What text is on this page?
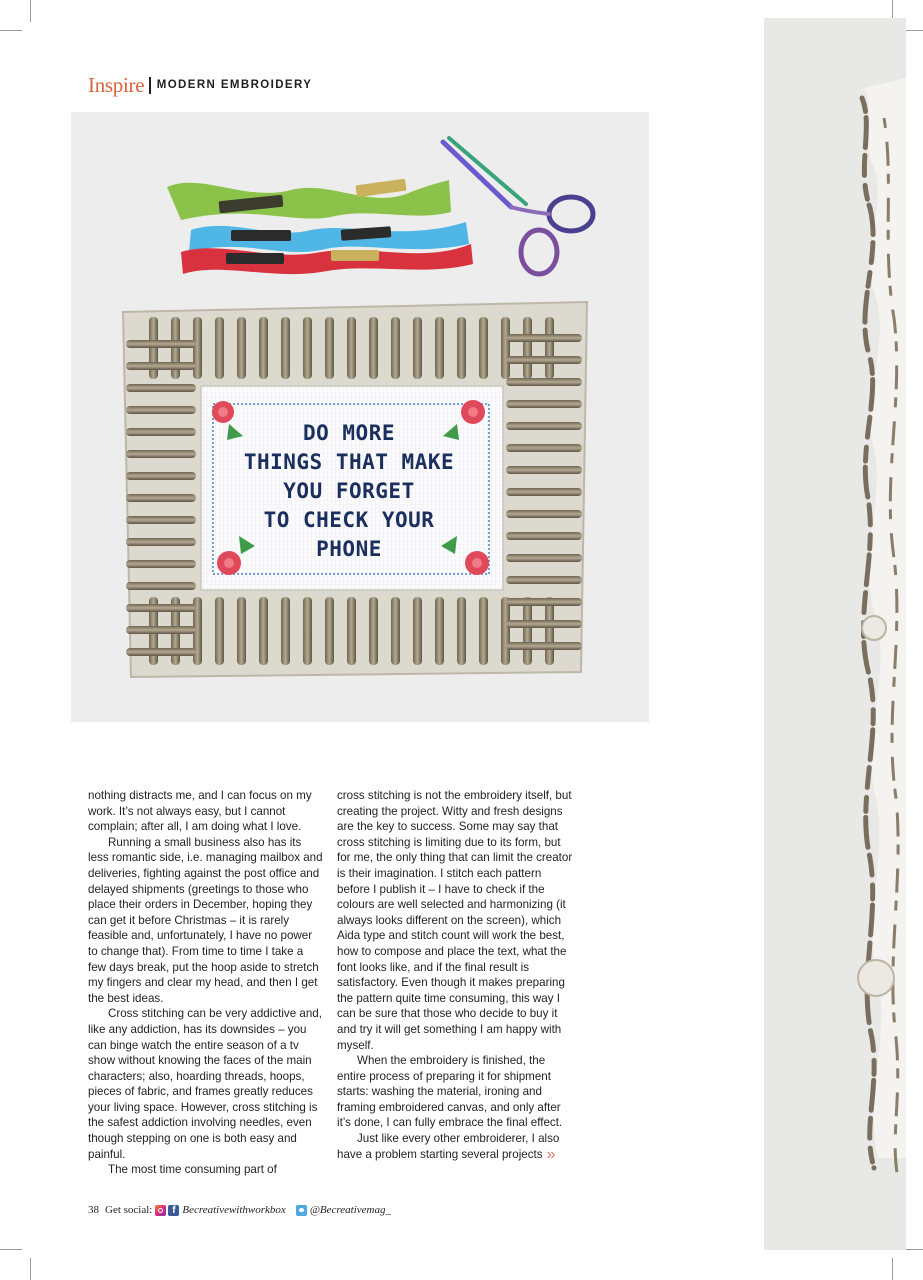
Inspire MODERN EMBROIDERY
DO MORE
THINGS THAT MAKE
YOU FORGET
TO CHECK YOUR
PHONE

nothing distracts me, and I can focus on my work. It’s not always easy, but I cannot complain; after all, I am doing what I love.

Running a small business also has its less romantic side, i.e. managing mailbox and deliveries, fighting against the post office and delayed shipments (greetings to those who place their orders in December, hoping they can get it before Christmas – it is rarely feasible and, unfortunately, I have no power to change that). From time to time I take a few days break, put the hoop aside to stretch my fingers and clear my head, and then I get the best ideas.

Cross stitching can be very addictive and, like any addiction, has its downsides – you can binge watch the entire season of a tv show without knowing the faces of the main characters; also, hoarding threads, hoops, pieces of fabric, and frames greatly reduces your living space. However, cross stitching is the safest addiction involving needles, even though stepping on one is both easy and painful.

The most time consuming part of

cross stitching is not the embroidery itself, but creating the project. Witty and fresh designs are the key to success. Some may say that cross stitching is limiting due to its form, but for me, the only thing that can limit the creator is their imagination. I stitch each pattern before I publish it – I have to check if the colours are well selected and harmonizing (it always looks different on the screen), which Aida type and stitch count will work the best, how to compose and place the text, what the font looks like, and if the final result is satisfactory. Even though it makes preparing the pattern quite time consuming, this way I can be sure that those who decide to buy it and try it will get something I am happy with myself.

When the embroidery is finished, the entire process of preparing it for shipment starts: washing the material, ironing and framing embroidered canvas, and only after it’s done, I can fully embrace the final effect.

Just like every other embroiderer, I also have a problem starting several projects »

38 Get social:	f Becreativewithworkbox @Becreativemag_
